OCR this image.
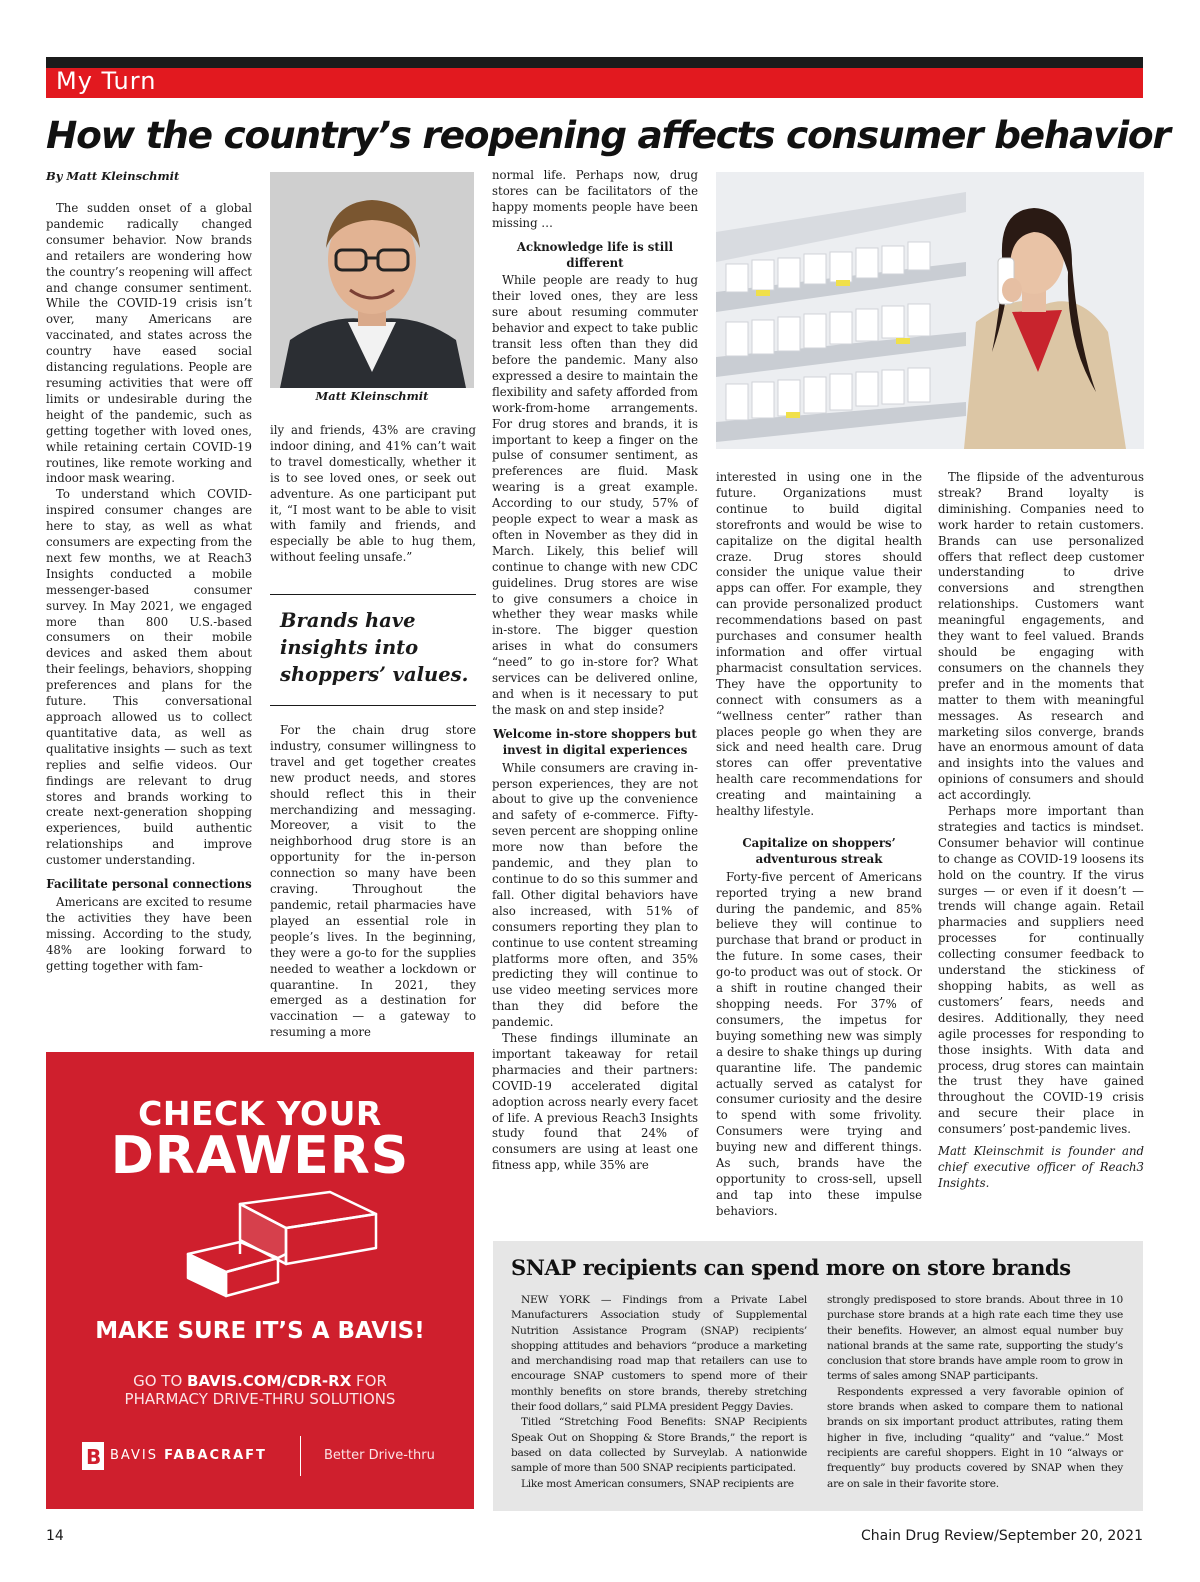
My Turn
How the country’s reopening affects consumer behavior
By Matt Kleinschmit

The sudden onset of a global pandemic radically changed consumer behavior. Now brands and retailers are wondering how the country’s reopening will affect and change consumer sentiment. While the COVID-19 crisis isn’t over, many Americans are vaccinated, and states across the country have eased social distancing regulations. People are resuming activities that were off limits or undesirable during the height of the pandemic, such as getting together with loved ones, while retaining certain COVID-19 routines, like remote working and indoor mask wearing.

To understand which COVID-inspired consumer changes are here to stay, as well as what consumers are expecting from the next few months, we at Reach3 Insights conducted a mobile messenger-based consumer survey. In May 2021, we engaged more than 800 U.S.-based consumers on their mobile devices and asked them about their feelings, behaviors, shopping preferences and plans for the future. This conversational approach allowed us to collect quantitative data, as well as qualitative insights — such as text replies and selfie videos. Our findings are relevant to drug stores and brands working to create next-generation shopping experiences, build authentic relationships and improve customer understanding.

Facilitate personal connections

Americans are excited to resume the activities they have been missing. According to the study, 48% are looking forward to getting together with fam-

Matt Kleinschmit

ily and friends, 43% are craving indoor dining, and 41% can’t wait to travel domestically, whether it is to see loved ones, or seek out adventure. As one participant put it, “I most want to be able to visit with family and friends, and especially be able to hug them, without feeling unsafe.”

Brands have insights into shoppers’ values.

For the chain drug store industry, consumer willingness to travel and get together creates new product needs, and stores should reflect this in their merchandizing and messaging. Moreover, a visit to the neighborhood drug store is an opportunity for the in-person connection so many have been craving. Throughout the pandemic, retail pharmacies have played an essential role in people’s lives. In the beginning, they were a go-to for the supplies needed to weather a lockdown or quarantine. In 2021, they emerged as a destination for vaccination — a gateway to resuming a more

normal life. Perhaps now, drug stores can be facilitators of the happy moments people have been missing …

Acknowledge life is still different

While people are ready to hug their loved ones, they are less sure about resuming commuter behavior and expect to take public transit less often than they did before the pandemic. Many also expressed a desire to maintain the flexibility and safety afforded from work-from-home arrangements. For drug stores and brands, it is important to keep a finger on the pulse of consumer sentiment, as preferences are fluid. Mask wearing is a great example. According to our study, 57% of people expect to wear a mask as often in November as they did in March. Likely, this belief will continue to change with new CDC guidelines. Drug stores are wise to give consumers a choice in whether they wear masks while in-store. The bigger question arises in what do consumers “need” to go in-store for? What services can be delivered online, and when is it necessary to put the mask on and step inside?

Welcome in-store shoppers but invest in digital experiences

While consumers are craving in-person experiences, they are not about to give up the convenience and safety of e-commerce. Fifty-seven percent are shopping online more now than before the pandemic, and they plan to continue to do so this summer and fall. Other digital behaviors have also increased, with 51% of consumers reporting they plan to continue to use content streaming platforms more often, and 35% predicting they will continue to use video meeting services more than they did before the pandemic.

These findings illuminate an important takeaway for retail pharmacies and their partners: COVID-19 accelerated digital adoption across nearly every facet of life. A previous Reach3 Insights study found that 24% of consumers are using at least one fitness app, while 35% are

interested in using one in the future. Organizations must continue to build digital storefronts and would be wise to capitalize on the digital health craze. Drug stores should consider the unique value their apps can offer. For example, they can provide personalized product recommendations based on past purchases and consumer health information and offer virtual pharmacist consultation services. They have the opportunity to connect with consumers as a “wellness center” rather than places people go when they are sick and need health care. Drug stores can offer preventative health care recommendations for creating and maintaining a healthy lifestyle.

Capitalize on shoppers’ adventurous streak

Forty-five percent of Americans reported trying a new brand during the pandemic, and 85% believe they will continue to purchase that brand or product in the future. In some cases, their go-to product was out of stock. Or a shift in routine changed their shopping needs. For 37% of consumers, the impetus for buying something new was simply a desire to shake things up during quarantine life. The pandemic actually served as catalyst for consumer curiosity and the desire to spend with some frivolity. Consumers were trying and buying new and different things. As such, brands have the opportunity to cross-sell, upsell and tap into these impulse behaviors.

The flipside of the adventurous streak? Brand loyalty is diminishing. Companies need to work harder to retain customers. Brands can use personalized offers that reflect deep customer understanding to drive conversions and strengthen relationships. Customers want meaningful engagements, and they want to feel valued. Brands should be engaging with consumers on the channels they prefer and in the moments that matter to them with meaningful messages. As research and marketing silos converge, brands have an enormous amount of data and insights into the values and opinions of consumers and should act accordingly.

Perhaps more important than strategies and tactics is mindset. Consumer behavior will continue to change as COVID-19 loosens its hold on the country. If the virus surges — or even if it doesn’t — trends will change again. Retail pharmacies and suppliers need processes for continually collecting consumer feedback to understand the stickiness of shopping habits, as well as customers’ fears, needs and desires. Additionally, they need agile processes for responding to those insights. With data and process, drug stores can maintain the trust they have gained throughout the COVID-19 crisis and secure their place in consumers’ post-pandemic lives.

Matt Kleinschmit is founder and chief executive officer of Reach3 Insights.

CHECK YOUR
DRAWERS
MAKE SURE IT’S A BAVIS!
GO TO BAVIS.COM/CDR-RX FOR
PHARMACY DRIVE-THRU SOLUTIONS
B BAVIS FABACRAFT	Better Drive-thru
SNAP recipients can spend more on store brands

NEW YORK — Findings from a Private Label Manufacturers Association study of Supplemental Nutrition Assistance Program (SNAP) recipients’ shopping attitudes and behaviors “produce a marketing and merchandising road map that retailers can use to encourage SNAP customers to spend more of their monthly benefits on store brands, thereby stretching their food dollars,” said PLMA president Peggy Davies.

Titled “Stretching Food Benefits: SNAP Recipients Speak Out on Shopping & Store Brands,” the report is based on data collected by Surveylab. A nationwide sample of more than 500 SNAP recipients participated.

Like most American consumers, SNAP recipients are

strongly predisposed to store brands. About three in 10 purchase store brands at a high rate each time they use their benefits. However, an almost equal number buy national brands at the same rate, supporting the study’s conclusion that store brands have ample room to grow in terms of sales among SNAP participants.

Respondents expressed a very favorable opinion of store brands when asked to compare them to national brands on six important product attributes, rating them higher in five, including “quality” and “value.” Most recipients are careful shoppers. Eight in 10 “always or frequently” buy products covered by SNAP when they are on sale in their favorite store.

14	Chain Drug Review/September 20, 2021
